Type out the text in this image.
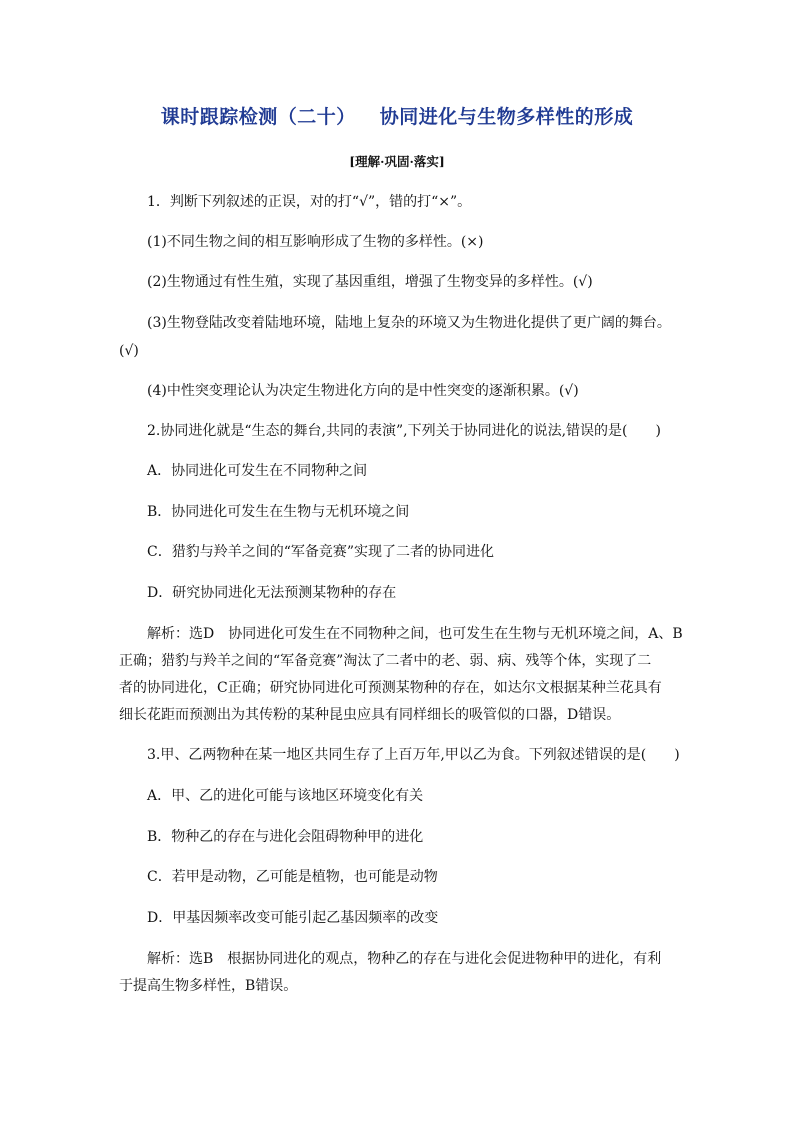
课时跟踪检测（二十） 协同进化与生物多样性的形成
[理解·巩固·落实]
1．判断下列叙述的正误，对的打“√”，错的打“×”。
(1)不同生物之间的相互影响形成了生物的多样性。(×)
(2)生物通过有性生殖，实现了基因重组，增强了生物变异的多样性。(√)
(3)生物登陆改变着陆地环境，陆地上复杂的环境又为生物进化提供了更广阔的舞台。
(√)
(4)中性突变理论认为决定生物进化方向的是中性突变的逐渐积累。(√)
2.协同进化就是“生态的舞台,共同的表演”,下列关于协同进化的说法,错误的是(　　)
A．协同进化可发生在不同物种之间
B．协同进化可发生在生物与无机环境之间
C．猎豹与羚羊之间的“军备竞赛”实现了二者的协同进化
D．研究协同进化无法预测某物种的存在
解析：选D　协同进化可发生在不同物种之间，也可发生在生物与无机环境之间，A、B
正确；猎豹与羚羊之间的“军备竞赛”淘汰了二者中的老、弱、病、残等个体，实现了二
者的协同进化，C正确；研究协同进化可预测某物种的存在，如达尔文根据某种兰花具有
细长花距而预测出为其传粉的某种昆虫应具有同样细长的吸管似的口器，D错误。
3.甲、乙两物种在某一地区共同生存了上百万年,甲以乙为食。下列叙述错误的是(　　)
A．甲、乙的进化可能与该地区环境变化有关
B．物种乙的存在与进化会阻碍物种甲的进化
C．若甲是动物，乙可能是植物，也可能是动物
D．甲基因频率改变可能引起乙基因频率的改变
解析：选B　根据协同进化的观点，物种乙的存在与进化会促进物种甲的进化，有利
于提高生物多样性，B错误。
